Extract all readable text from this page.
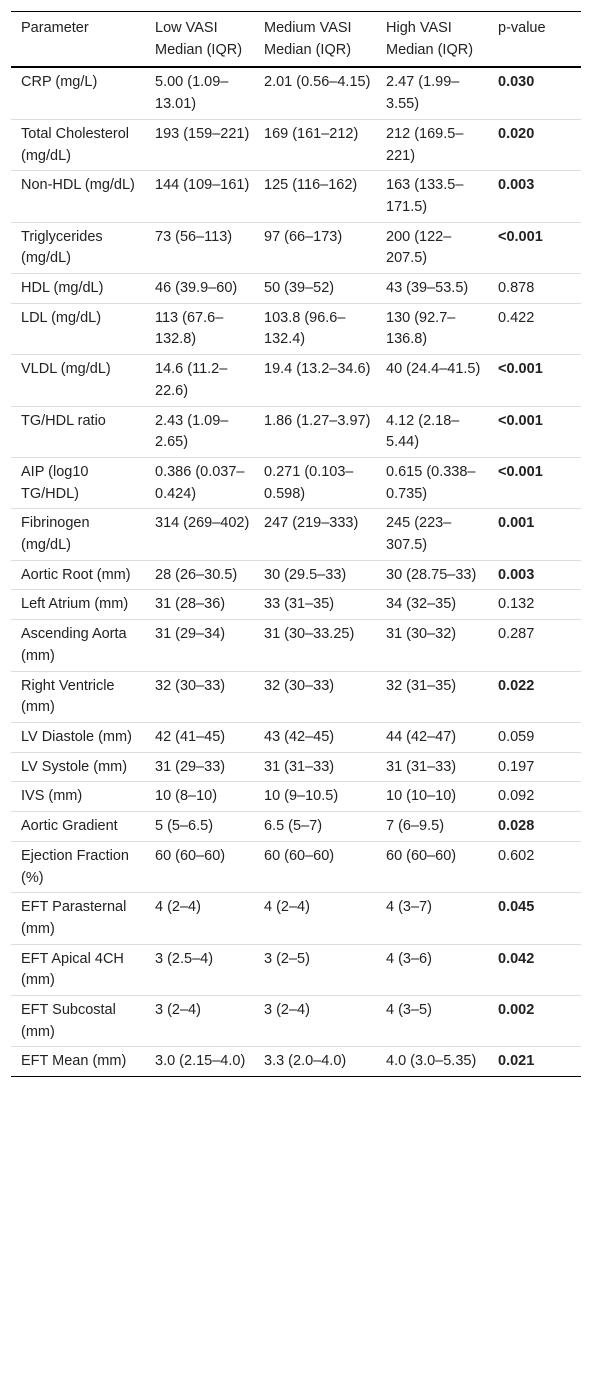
Parameter	Low VASI Median (IQR)	Medium VASI Median (IQR)	High VASI Median (IQR)	p-value
CRP (mg/L)	5.00 (1.09–13.01)	2.01 (0.56–4.15)	2.47 (1.99–3.55)	0.030
Total Cholesterol (mg/dL)	193 (159–221)	169 (161–212)	212 (169.5–221)	0.020
Non-HDL (mg/dL)	144 (109–161)	125 (116–162)	163 (133.5–171.5)	0.003
Triglycerides (mg/dL)	73 (56–113)	97 (66–173)	200 (122–207.5)	<0.001
HDL (mg/dL)	46 (39.9–60)	50 (39–52)	43 (39–53.5)	0.878
LDL (mg/dL)	113 (67.6–132.8)	103.8 (96.6–132.4)	130 (92.7–136.8)	0.422
VLDL (mg/dL)	14.6 (11.2–22.6)	19.4 (13.2–34.6)	40 (24.4–41.5)	<0.001
TG/HDL ratio	2.43 (1.09–2.65)	1.86 (1.27–3.97)	4.12 (2.18–5.44)	<0.001
AIP (log10 TG/HDL)	0.386 (0.037–0.424)	0.271 (0.103–0.598)	0.615 (0.338–0.735)	<0.001
Fibrinogen (mg/dL)	314 (269–402)	247 (219–333)	245 (223–307.5)	0.001
Aortic Root (mm)	28 (26–30.5)	30 (29.5–33)	30 (28.75–33)	0.003
Left Atrium (mm)	31 (28–36)	33 (31–35)	34 (32–35)	0.132
Ascending Aorta (mm)	31 (29–34)	31 (30–33.25)	31 (30–32)	0.287
Right Ventricle (mm)	32 (30–33)	32 (30–33)	32 (31–35)	0.022
LV Diastole (mm)	42 (41–45)	43 (42–45)	44 (42–47)	0.059
LV Systole (mm)	31 (29–33)	31 (31–33)	31 (31–33)	0.197
IVS (mm)	10 (8–10)	10 (9–10.5)	10 (10–10)	0.092
Aortic Gradient	5 (5–6.5)	6.5 (5–7)	7 (6–9.5)	0.028
Ejection Fraction (%)	60 (60–60)	60 (60–60)	60 (60–60)	0.602
EFT Parasternal (mm)	4 (2–4)	4 (2–4)	4 (3–7)	0.045
EFT Apical 4CH (mm)	3 (2.5–4)	3 (2–5)	4 (3–6)	0.042
EFT Subcostal (mm)	3 (2–4)	3 (2–4)	4 (3–5)	0.002
EFT Mean (mm)	3.0 (2.15–4.0)	3.3 (2.0–4.0)	4.0 (3.0–5.35)	0.021
